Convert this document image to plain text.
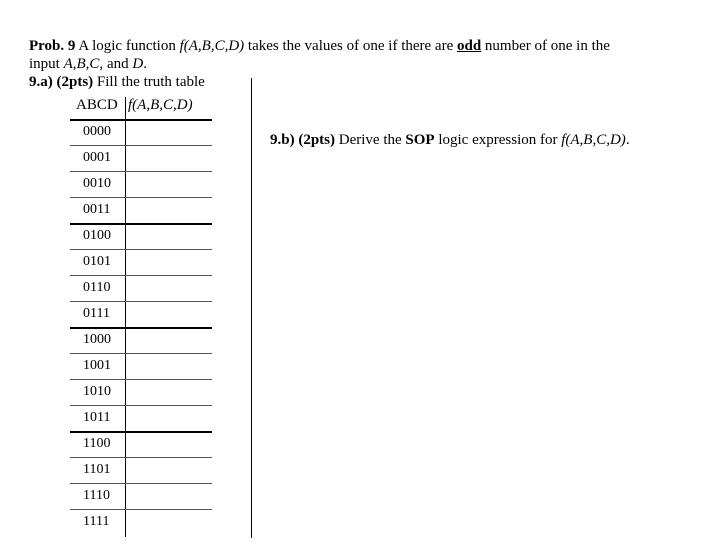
Prob. 9 A logic function f(A,B,C,D) takes the values of one if there are odd number of one in the
input A,B,C, and D.
9.a) (2pts) Fill the truth table
ABCD f(A,B,C,D)
0000
0001
0010
0011
0100
0101
0110
0111
1000
1001
1010
1011
1100
1101
1110
1111
9.b) (2pts) Derive the SOP logic expression for f(A,B,C,D).
